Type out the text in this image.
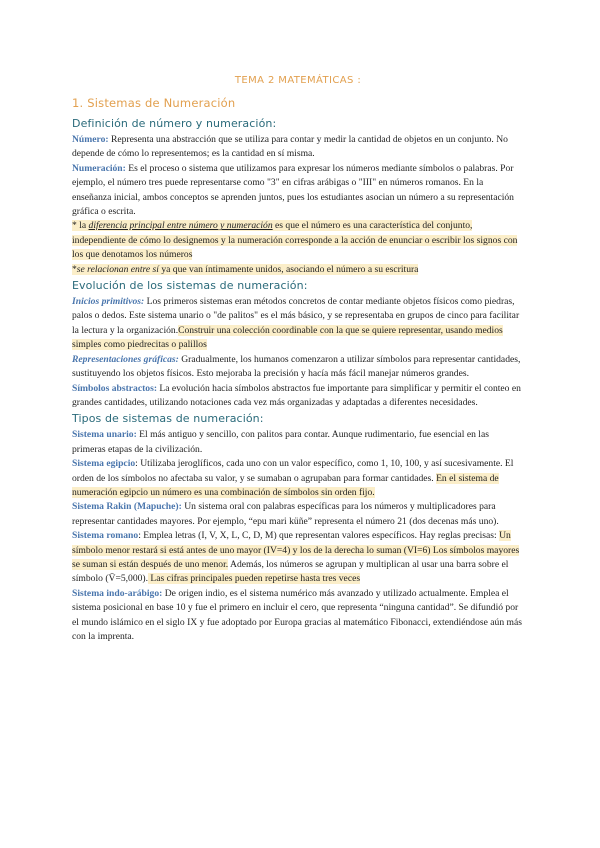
TEMA 2 MATEMÁTICAS :
1. Sistemas de Numeración
Definición de número y numeración:

Número: Representa una abstracción que se utiliza para contar y medir la cantidad de objetos en un conjunto. No depende de cómo lo representemos; es la cantidad en sí misma.

Numeración: Es el proceso o sistema que utilizamos para expresar los números mediante símbolos o palabras. Por ejemplo, el número tres puede representarse como "3" en cifras arábigas o "III" en números romanos. En la enseñanza inicial, ambos conceptos se aprenden juntos, pues los estudiantes asocian un número a su representación gráfica o escrita.

* la diferencia principal entre número y numeración es que el número es una característica del conjunto, independiente de cómo lo designemos y la numeración corresponde a la acción de enunciar o escribir los signos con los que denotamos los números

*se relacionan entre sí ya que van íntimamente unidos, asociando el número a su escritura

Evolución de los sistemas de numeración:

Inicios primitivos: Los primeros sistemas eran métodos concretos de contar mediante objetos físicos como piedras, palos o dedos. Este sistema unario o "de palitos" es el más básico, y se representaba en grupos de cinco para facilitar la lectura y la organización.Construir una colección coordinable con la que se quiere representar, usando medios simples como piedrecitas o palillos

Representaciones gráficas: Gradualmente, los humanos comenzaron a utilizar símbolos para representar cantidades, sustituyendo los objetos físicos. Esto mejoraba la precisión y hacía más fácil manejar números grandes.

Símbolos abstractos: La evolución hacia símbolos abstractos fue importante para simplificar y permitir el conteo en grandes cantidades, utilizando notaciones cada vez más organizadas y adaptadas a diferentes necesidades.

Tipos de sistemas de numeración:

Sistema unario: El más antiguo y sencillo, con palitos para contar. Aunque rudimentario, fue esencial en las primeras etapas de la civilización.

Sistema egipcio: Utilizaba jeroglíficos, cada uno con un valor específico, como 1, 10, 100, y así sucesivamente. El orden de los símbolos no afectaba su valor, y se sumaban o agrupaban para formar cantidades. En el sistema de numeración egipcio un número es una combinación de símbolos sin orden fijo.

Sistema Rakin (Mapuche): Un sistema oral con palabras específicas para los números y multiplicadores para representar cantidades mayores. Por ejemplo, “epu mari küñe” representa el número 21 (dos decenas más uno).

Sistema romano: Emplea letras (I, V, X, L, C, D, M) que representan valores específicos. Hay reglas precisas: Un símbolo menor restará si está antes de uno mayor (IV=4) y los de la derecha lo suman (VI=6) Los símbolos mayores se suman si están después de uno menor. Además, los números se agrupan y multiplican al usar una barra sobre el símbolo (V̄=5,000). Las cifras principales pueden repetirse hasta tres veces

Sistema indo-arábigo: De origen indio, es el sistema numérico más avanzado y utilizado actualmente. Emplea el sistema posicional en base 10 y fue el primero en incluir el cero, que representa “ninguna cantidad”. Se difundió por el mundo islámico en el siglo IX y fue adoptado por Europa gracias al matemático Fibonacci, extendiéndose aún más con la imprenta.
